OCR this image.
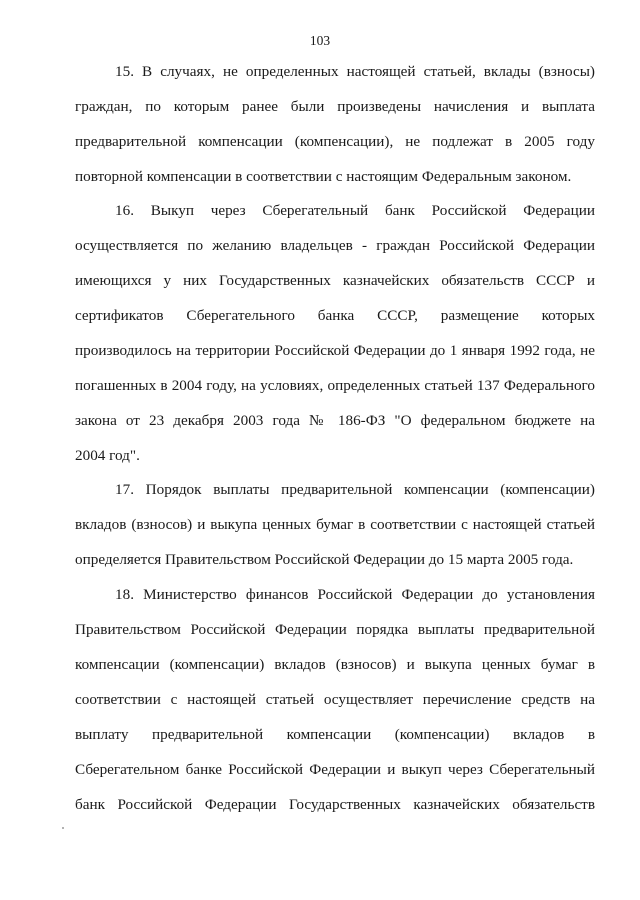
103
15. В случаях, не определенных настоящей статьей, вклады (взносы)
граждан, по которым ранее были произведены начисления и выплата
предварительной компенсации (компенсации), не подлежат в 2005 году
повторной компенсации в соответствии с настоящим Федеральным законом.
16. Выкуп через Сберегательный банк Российской Федерации
осуществляется по желанию владельцев - граждан Российской Федерации
имеющихся у них Государственных казначейских обязательств СССР и
сертификатов Сберегательного банка СССР, размещение которых
производилось на территории Российской Федерации до 1 января 1992 года, не
погашенных в 2004 году, на условиях, определенных статьей 137 Федерального
закона от 23 декабря 2003 года № 186-ФЗ "О федеральном бюджете на
2004 год".
17. Порядок выплаты предварительной компенсации (компенсации)
вкладов (взносов) и выкупа ценных бумаг в соответствии с настоящей статьей
определяется Правительством Российской Федерации до 15 марта 2005 года.
18. Министерство финансов Российской Федерации до установления
Правительством Российской Федерации порядка выплаты предварительной
компенсации (компенсации) вкладов (взносов) и выкупа ценных бумаг в
соответствии с настоящей статьей осуществляет перечисление средств на
выплату предварительной компенсации (компенсации) вкладов в
Сберегательном банке Российской Федерации и выкуп через Сберегательный
банк Российской Федерации Государственных казначейских обязательств
